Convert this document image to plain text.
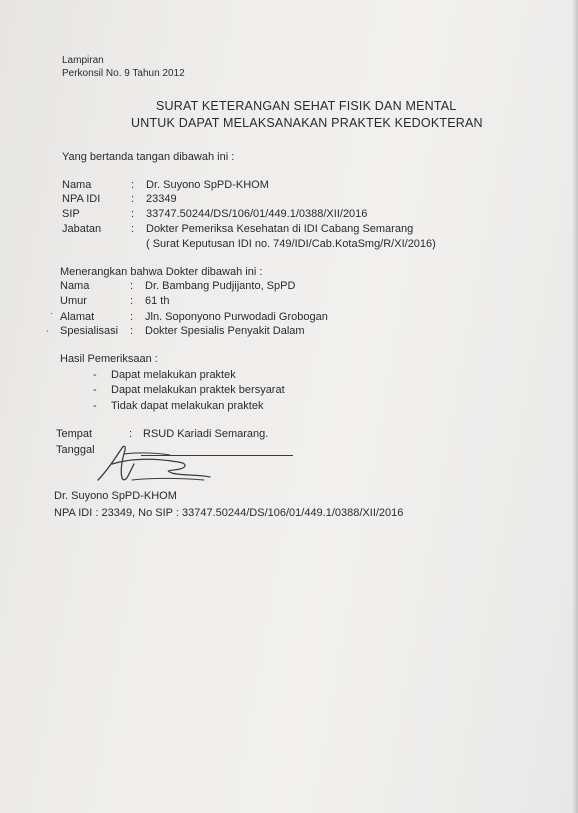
Lampiran
Perkonsil No. 9 Tahun 2012
SURAT KETERANGAN SEHAT FISIK DAN MENTAL
UNTUK DAPAT MELAKSANAKAN PRAKTEK KEDOKTERAN
Yang bertanda tangan dibawah ini :
Nama	: Dr. Suyono SpPD-KHOM
NPA IDI	: 23349
SIP	: 33747.50244/DS/106/01/449.1/0388/XII/2016
Jabatan	: Dokter Pemeriksa Kesehatan di IDI Cabang Semarang
( Surat Keputusan IDI no. 749/IDI/Cab.KotaSmg/R/XI/2016)
Menerangkan bahwa Dokter dibawah ini :
Nama	: Dr. Bambang Pudjijanto, SpPD
Umur	: 61 th
Alamat	: Jln. Soponyono Purwodadi Grobogan
Spesialisasi : Dokter Spesialis Penyakit Dalam
·
ˎ
Hasil Pemeriksaan :
- Dapat melakukan praktek
- Dapat melakukan praktek bersyarat
- Tidak dapat melakukan praktek
Tempat	: RSUD Kariadi Semarang.
Tanggal
Dr. Suyono SpPD-KHOM
NPA IDI : 23349, No SIP : 33747.50244/DS/106/01/449.1/0388/XII/2016
